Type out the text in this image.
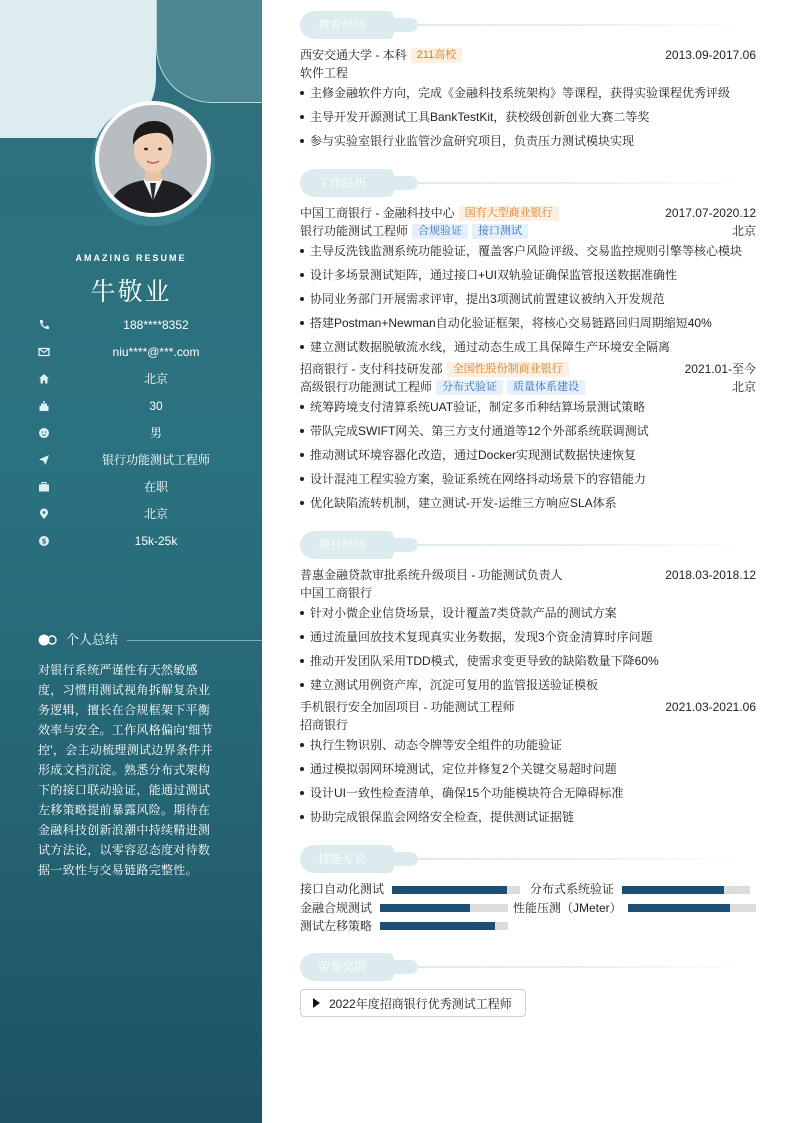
AMAZING RESUME
牛敬业
188****8352
niu****@***.com
北京
30
男
银行功能测试工程师
在职
北京
$	15k-25k
个人总结
对银行系统严谨性有天然敏感度，习惯用测试视角拆解复杂业务逻辑，擅长在合规框架下平衡效率与安全。工作风格偏向'细节控'，会主动梳理测试边界条件并形成文档沉淀。熟悉分布式架构下的接口联动验证，能通过测试左移策略提前暴露风险。期待在金融科技创新浪潮中持续精进测试方法论，以零容忍态度对待数据一致性与交易链路完整性。
教育经历
西安交通大学 - 本科 211高校	2013.09-2017.06
软件工程
主修金融软件方向，完成《金融科技系统架构》等课程，获得实验课程优秀评级
主导开发开源测试工具BankTestKit，获校级创新创业大赛二等奖
参与实验室银行业监管沙盒研究项目，负责压力测试模块实现
工作经历
中国工商银行 - 金融科技中心 国有大型商业银行	2017.07-2020.12
银行功能测试工程师 合规验证 接口测试	北京
主导反洗钱监测系统功能验证，覆盖客户风险评级、交易监控规则引擎等核心模块
设计多场景测试矩阵，通过接口+UI双轨验证确保监管报送数据准确性
协同业务部门开展需求评审，提出3项测试前置建议被纳入开发规范
搭建Postman+Newman自动化验证框架，将核心交易链路回归周期缩短40%
建立测试数据脱敏流水线，通过动态生成工具保障生产环境安全隔离
招商银行 - 支付科技研发部 全国性股份制商业银行	2021.01-至今
高级银行功能测试工程师 分布式验证 质量体系建设	北京
统筹跨境支付清算系统UAT验证，制定多币种结算场景测试策略
带队完成SWIFT网关、第三方支付通道等12个外部系统联调测试
推动测试环境容器化改造，通过Docker实现测试数据快速恢复
设计混沌工程实验方案，验证系统在网络抖动场景下的容错能力
优化缺陷流转机制，建立测试-开发-运维三方响应SLA体系
项目经历
普惠金融贷款审批系统升级项目 - 功能测试负责人	2018.03-2018.12
中国工商银行
针对小微企业信贷场景，设计覆盖7类贷款产品的测试方案
通过流量回放技术复现真实业务数据，发现3个资金清算时序问题
推动开发团队采用TDD模式，使需求变更导致的缺陷数量下降60%
建立测试用例资产库，沉淀可复用的监管报送验证模板
手机银行安全加固项目 - 功能测试工程师	2021.03-2021.06
招商银行
执行生物识别、动态令牌等安全组件的功能验证
通过模拟弱网环境测试，定位并修复2个关键交易超时问题
设计UI一致性检查清单，确保15个功能模块符合无障碍标准
协助完成银保监会网络安全检查，提供测试证据链
技能专长
接口自动化测试	分布式系统验证
金融合规测试	性能压测（JMeter）
测试左移策略
荣誉奖项
2022年度招商银行优秀测试工程师
